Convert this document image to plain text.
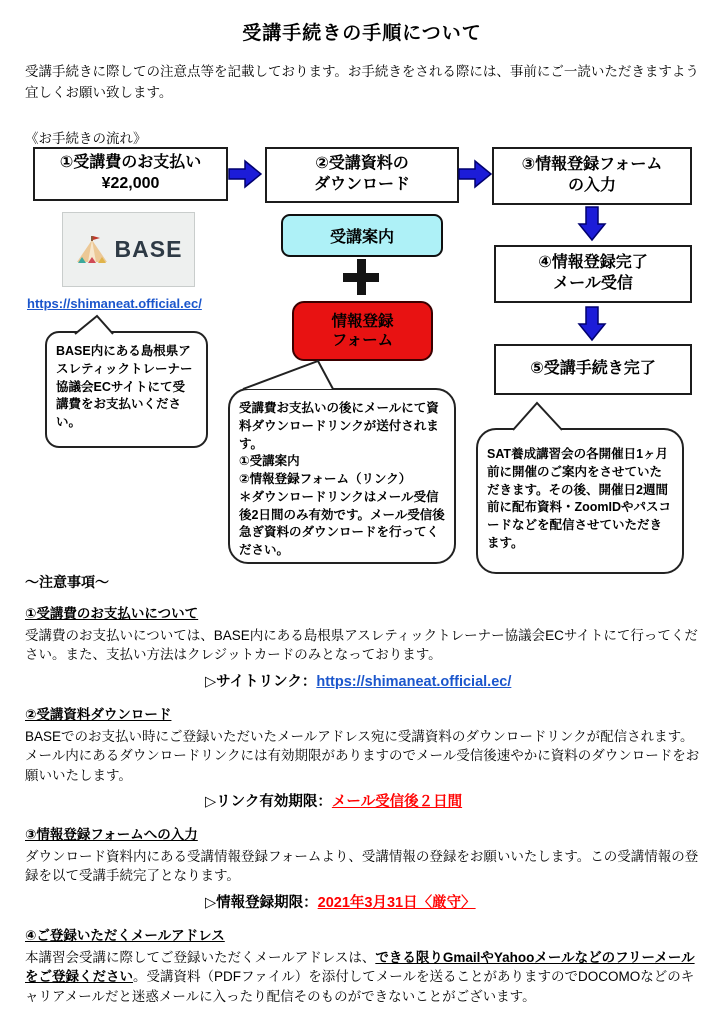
受講手続きの手順について
受講手続きに際しての注意点等を記載しております。お手続きをされる際には、事前にご一読いただきますよう宜しくお願い致します。
《お手続きの流れ》
①受講費のお支払い
¥22,000
②受講資料の
ダウンロード
③情報登録フォーム
の入力
④情報登録完了
メール受信
⑤受講手続き完了
BASE
https://shimaneat.official.ec/
受講案内
情報登録
フォーム
BASE内にある島根県アスレティックトレーナー協議会ECサイトにて受講費をお支払いください。
受講費お支払いの後にメールにて資料ダウンロードリンクが送付されます。
①受講案内
②情報登録フォーム（リンク）
＊ダウンロードリンクはメール受信後2日間のみ有効です。メール受信後急ぎ資料のダウンロードを行ってください。
SAT養成講習会の各開催日1ヶ月前に開催のご案内をさせていただきます。その後、開催日2週間前に配布資料・ZoomIDやパスコードなどを配信させていただきます。
～注意事項～
①受講費のお支払いについて
受講費のお支払いについては、BASE内にある島根県アスレティックトレーナー協議会ECサイトにて行ってください。また、支払い方法はクレジットカードのみとなっております。
▷サイトリンク：https://shimaneat.official.ec/
②受講資料ダウンロード
BASEでのお支払い時にご登録いただいたメールアドレス宛に受講資料のダウンロードリンクが配信されます。メール内にあるダウンロードリンクには有効期限がありますのでメール受信後速やかに資料のダウンロードをお願いいたします。
▷リンク有効期限：メール受信後２日間
③情報登録フォームへの入力
ダウンロード資料内にある受講情報登録フォームより、受講情報の登録をお願いいたします。この受講情報の登録を以て受講手続完了となります。
▷情報登録期限：2021年3月31日〈厳守〉
④ご登録いただくメールアドレス
本講習会受講に際してご登録いただくメールアドレスは、できる限りGmailやYahooメールなどのフリーメールをご登録ください。受講資料（PDFファイル）を添付してメールを送ることがありますのでDOCOMOなどのキャリアメールだと迷惑メールに入ったり配信そのものができないことがございます。
